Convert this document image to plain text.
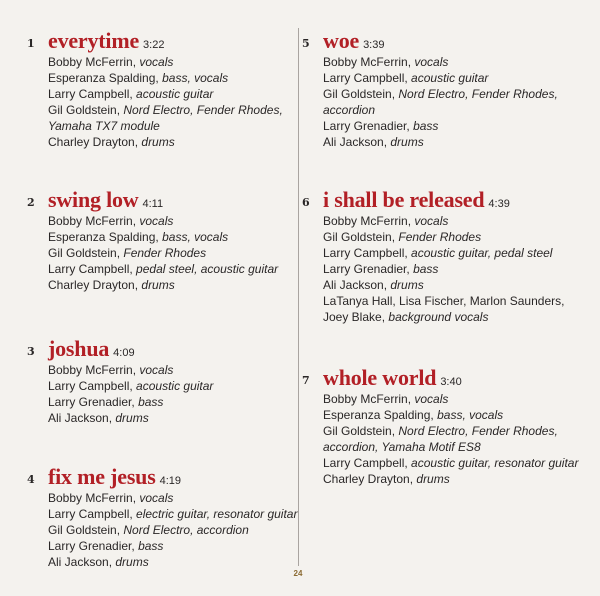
1 everytime 3:22
Bobby McFerrin, vocals
Esperanza Spalding, bass, vocals
Larry Campbell, acoustic guitar
Gil Goldstein, Nord Electro, Fender Rhodes,
Yamaha TX7 module
Charley Drayton, drums
2 swing low 4:11
Bobby McFerrin, vocals
Esperanza Spalding, bass, vocals
Gil Goldstein, Fender Rhodes
Larry Campbell, pedal steel, acoustic guitar
Charley Drayton, drums
3 joshua 4:09
Bobby McFerrin, vocals
Larry Campbell, acoustic guitar
Larry Grenadier, bass
Ali Jackson, drums
4 fix me jesus 4:19
Bobby McFerrin, vocals
Larry Campbell, electric guitar, resonator guitar
Gil Goldstein, Nord Electro, accordion
Larry Grenadier, bass
Ali Jackson, drums
5 woe 3:39
Bobby McFerrin, vocals
Larry Campbell, acoustic guitar
Gil Goldstein, Nord Electro, Fender Rhodes,
accordion
Larry Grenadier, bass
Ali Jackson, drums
6 i shall be released 4:39
Bobby McFerrin, vocals
Gil Goldstein, Fender Rhodes
Larry Campbell, acoustic guitar, pedal steel
Larry Grenadier, bass
Ali Jackson, drums
LaTanya Hall, Lisa Fischer, Marlon Saunders,
Joey Blake, background vocals
7 whole world 3:40
Bobby McFerrin, vocals
Esperanza Spalding, bass, vocals
Gil Goldstein, Nord Electro, Fender Rhodes,
accordion, Yamaha Motif ES8
Larry Campbell, acoustic guitar, resonator guitar
Charley Drayton, drums
24
